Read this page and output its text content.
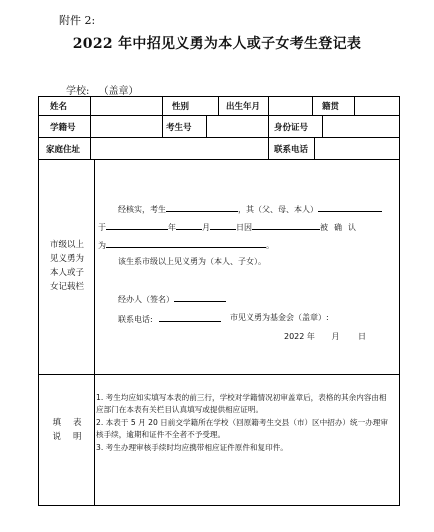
附件 2:
2022 年中招见义勇为本人或子女考生登记表
学校: （盖章）
姓名	性别	出生年月	籍贯
学籍号	考生号	身份证号
家庭住址	联系电话
市级以上
见义勇为
本人或子
女记载栏
经核实，考生	，其（父、母、本人）
于	年	月	日因	被确认
为	。
该生系市级以上见义勇为（本人、子女）。
经办人（签名）
联系电话:	市见义勇为基金会（盖章）:
2022 年 月 日
填 表
说 明

1. 考生均应如实填写本表的前三行，学校对学籍情况初审盖章后，表格的其余内容由相应部门在本表有关栏目认真填写或提供相应证明。

2. 本表于 5 月 20 日前交学籍所在学校（回原籍考生交县（市）区中招办）统一办理审核手续，逾期和证件不全者不予受理。

3. 考生办理审核手续时均应携带相应证件原件和复印件。
